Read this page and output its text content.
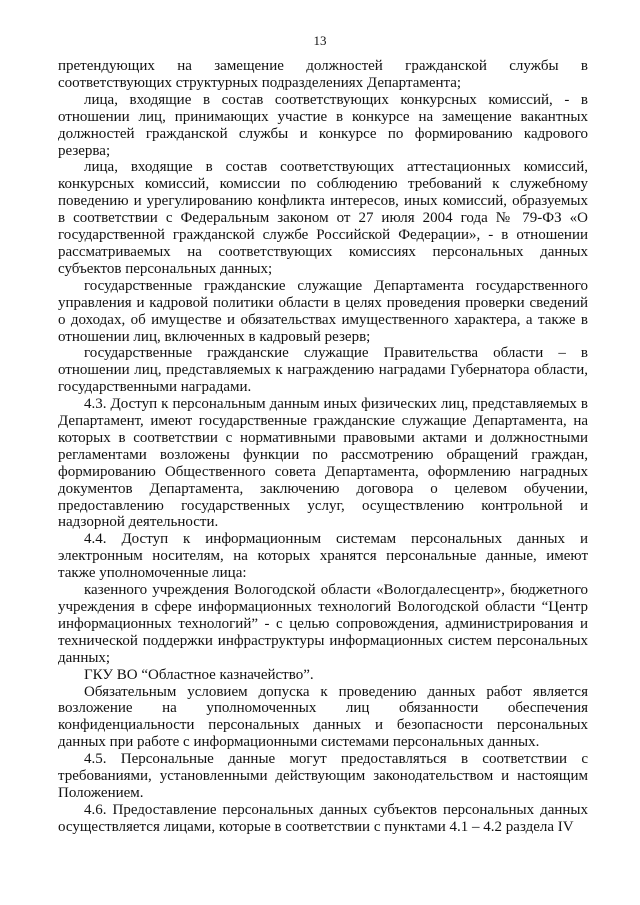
13

претендующих на замещение должностей гражданской службы в соответствующих структурных подразделениях Департамента;

лица, входящие в состав соответствующих конкурсных комиссий, - в отношении лиц, принимающих участие в конкурсе на замещение вакантных должностей гражданской службы и конкурсе по формированию кадрового резерва;

лица, входящие в состав соответствующих аттестационных комиссий, конкурсных комиссий, комиссии по соблюдению требований к служебному поведению и урегулированию конфликта интересов, иных комиссий, образуемых в соответствии с Федеральным законом от 27 июля 2004 года № 79-ФЗ «О государственной гражданской службе Российской Федерации», - в отношении рассматриваемых на соответствующих комиссиях персональных данных субъектов персональных данных;

государственные гражданские служащие Департамента государственного управления и кадровой политики области в целях проведения проверки сведений о доходах, об имуществе и обязательствах имущественного характера, а также в отношении лиц, включенных в кадровый резерв;

государственные гражданские служащие Правительства области – в отношении лиц, представляемых к награждению наградами Губернатора области, государственными наградами.

4.3. Доступ к персональным данным иных физических лиц, представляемых в Департамент, имеют государственные гражданские служащие Департамента, на которых в соответствии с нормативными правовыми актами и должностными регламентами возложены функции по рассмотрению обращений граждан, формированию Общественного совета Департамента, оформлению наградных документов Департамента, заключению договора о целевом обучении, предоставлению государственных услуг, осуществлению контрольной и надзорной деятельности.

4.4. Доступ к информационным системам персональных данных и электронным носителям, на которых хранятся персональные данные, имеют также уполномоченные лица:

казенного учреждения Вологодской области «Вологдалесцентр», бюджетного учреждения в сфере информационных технологий Вологодской области “Центр информационных технологий” - с целью сопровождения, администрирования и технической поддержки инфраструктуры информационных систем персональных данных;

ГКУ ВО “Областное казначейство”.

Обязательным условием допуска к проведению данных работ является возложение на уполномоченных лиц обязанности обеспечения конфиденциальности персональных данных и безопасности персональных данных при работе с информационными системами персональных данных.

4.5. Персональные данные могут предоставляться в соответствии с требованиями, установленными действующим законодательством и настоящим Положением.

4.6. Предоставление персональных данных субъектов персональных данных осуществляется лицами, которые в соответствии с пунктами 4.1 – 4.2 раздела IV
